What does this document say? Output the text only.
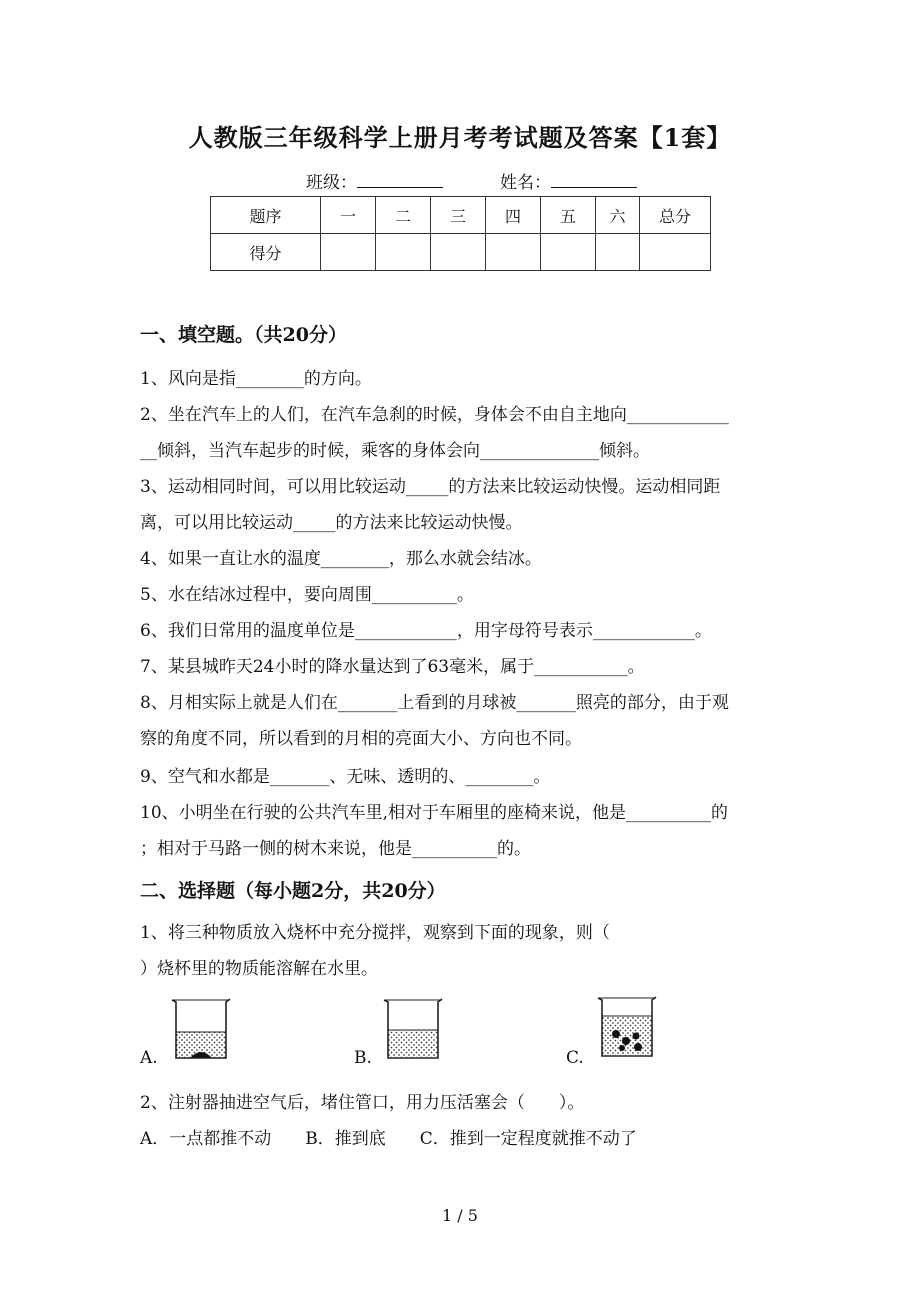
人教版三年级科学上册月考考试题及答案【1套】
班级：	姓名：
题序	一	二	三	四	五	六	总分
得分							
一、填空题。（共20分）
1、风向是指________的方向。
2、坐在汽车上的人们，在汽车急刹的时候，身体会不由自主地向____________
__倾斜，当汽车起步的时候，乘客的身体会向______________倾斜。
3、运动相同时间，可以用比较运动_____的方法来比较运动快慢。运动相同距
离，可以用比较运动_____的方法来比较运动快慢。
4、如果一直让水的温度________，那么水就会结冰。
5、水在结冰过程中，要向周围__________。
6、我们日常用的温度单位是____________，用字母符号表示____________。
7、某县城昨天24小时的降水量达到了63毫米，属于___________。
8、月相实际上就是人们在_______上看到的月球被_______照亮的部分，由于观
察的角度不同，所以看到的月相的亮面大小、方向也不同。
9、空气和水都是_______、无味、透明的、________。
10、小明坐在行驶的公共汽车里,相对于车厢里的座椅来说，他是__________的
；相对于马路一侧的树木来说，他是__________的。
二、选择题（每小题2分，共20分）
1、将三种物质放入烧杯中充分搅拌，观察到下面的现象，则（
）烧杯里的物质能溶解在水里。
A.	B.	C.
2、注射器抽进空气后，堵住管口，用力压活塞会（　　）。
A．一点都推不动　　B．推到底　　C．推到一定程度就推不动了
1 / 5
